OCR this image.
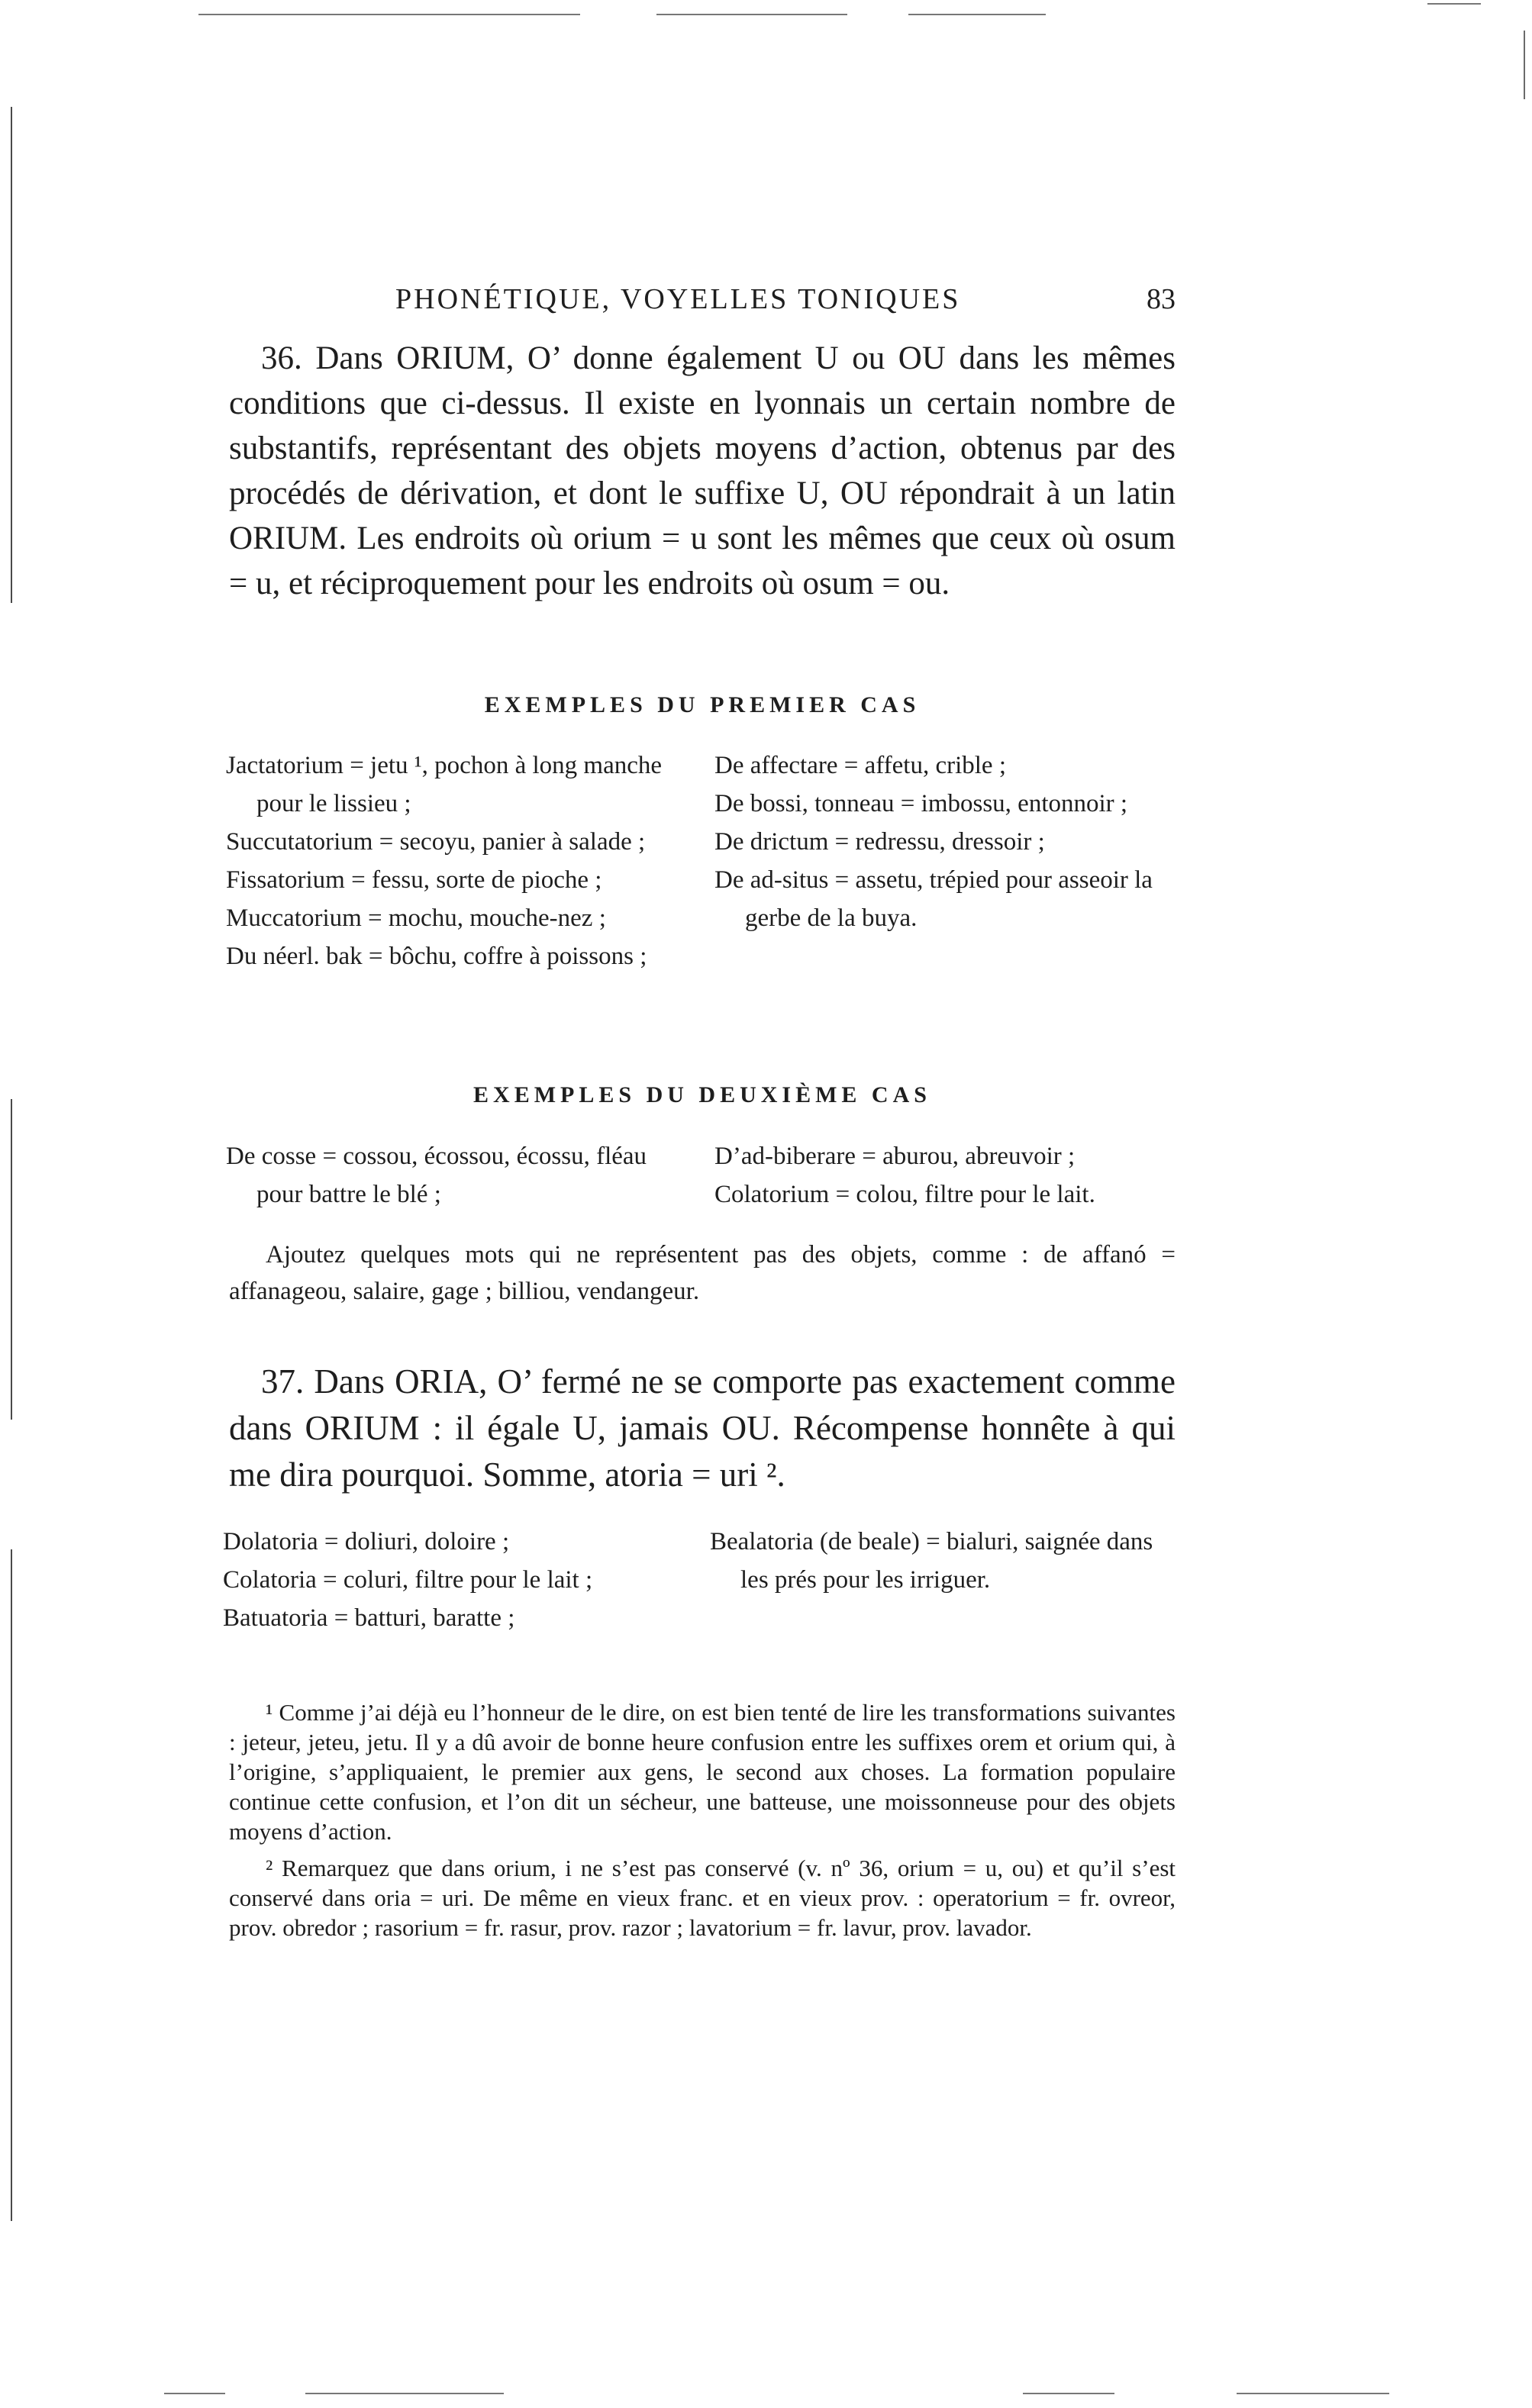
PHONÉTIQUE, VOYELLES TONIQUES	83

36. Dans ORIUM, O’ donne également U ou OU dans les mêmes conditions que ci-dessus. Il existe en lyonnais un certain nombre de substantifs, représentant des objets moyens d’action, obtenus par des procédés de dérivation, et dont le suffixe U, OU répondrait à un latin ORIUM. Les endroits où orium = u sont les mêmes que ceux où osum = u, et réciproquement pour les endroits où osum = ou.

EXEMPLES DU PREMIER CAS

Jactatorium = jetu ¹, pochon à long manche pour le lissieu ;

Succutatorium = secoyu, panier à salade ;

Fissatorium = fessu, sorte de pioche ;

Muccatorium = mochu, mouche-nez ;

Du néerl. bak = bôchu, coffre à poissons ;

De affectare = affetu, crible ;

De bossi, tonneau = imbossu, entonnoir ;

De drictum = redressu, dressoir ;

De ad-situs = assetu, trépied pour asseoir la gerbe de la buya.

EXEMPLES DU DEUXIÈME CAS

De cosse = cossou, écossou, écossu, fléau pour battre le blé ;

D’ad-biberare = aburou, abreuvoir ;

Colatorium = colou, filtre pour le lait.

Ajoutez quelques mots qui ne représentent pas des objets, comme : de affanó = affanageou, salaire, gage ; billiou, vendangeur.

37. Dans ORIA, O’ fermé ne se comporte pas exactement comme dans ORIUM : il égale U, jamais OU. Récompense honnête à qui me dira pourquoi. Somme, atoria = uri ².

Dolatoria = doliuri, doloire ;

Colatoria = coluri, filtre pour le lait ;

Batuatoria = batturi, baratte ;

Bealatoria (de beale) = bialuri, saignée dans les prés pour les irriguer.

¹ Comme j’ai déjà eu l’honneur de le dire, on est bien tenté de lire les transformations suivantes : jeteur, jeteu, jetu. Il y a dû avoir de bonne heure confusion entre les suffixes orem et orium qui, à l’origine, s’appliquaient, le premier aux gens, le second aux choses. La formation populaire continue cette confusion, et l’on dit un sécheur, une batteuse, une moissonneuse pour des objets moyens d’action.

² Remarquez que dans orium, i ne s’est pas conservé (v. nº 36, orium = u, ou) et qu’il s’est conservé dans oria = uri. De même en vieux franc. et en vieux prov. : operatorium = fr. ovreor, prov. obredor ; rasorium = fr. rasur, prov. razor ; lavatorium = fr. lavur, prov. lavador.
